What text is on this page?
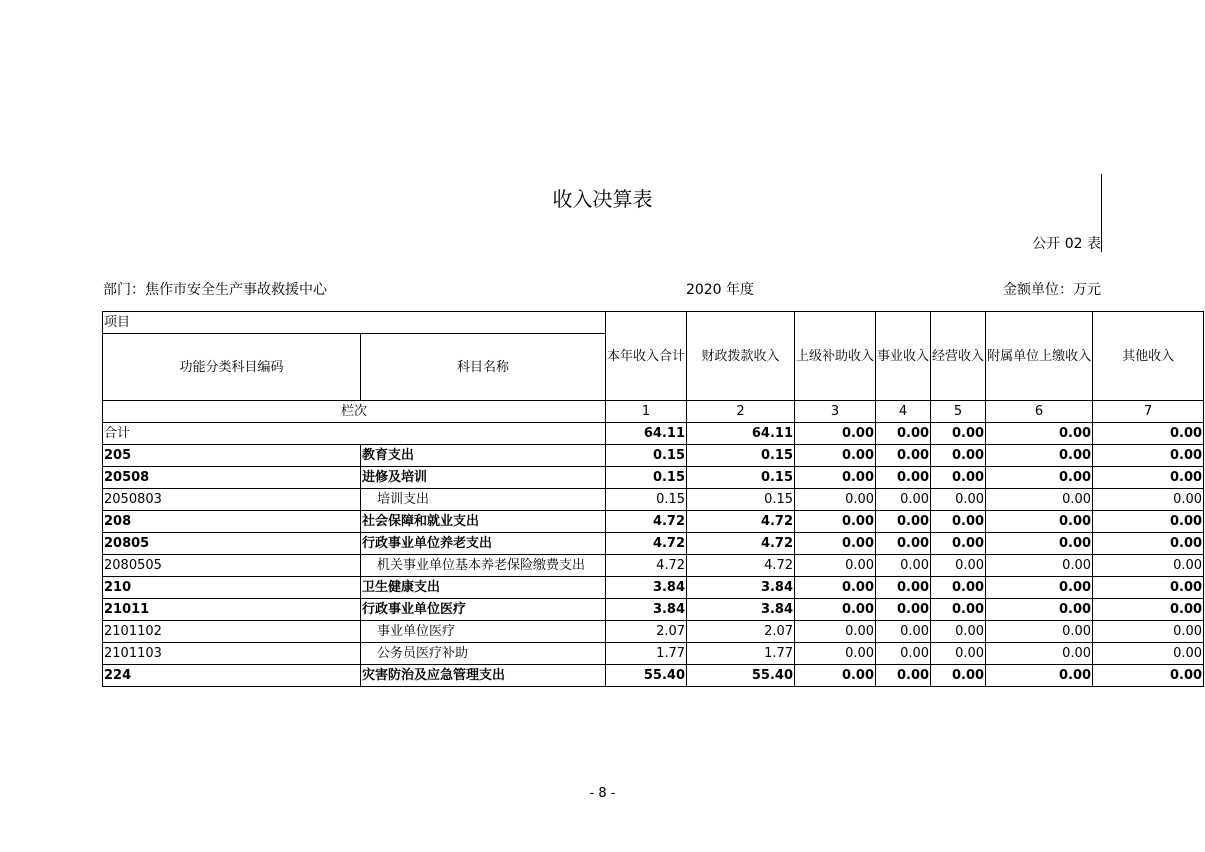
收入决算表
公开 02 表
部门：焦作市安全生产事故救援中心	2020 年度	金额单位：万元
项目		本年收入合计	财政拨款收入	上级补助收入	事业收入	经营收入	附属单位上缴收入	其他收入
功能分类科目编码	科目名称							
栏次		1	2	3	4	5	6	7
合计		64.11	64.11	0.00	0.00	0.00	0.00	0.00
205	教育支出	0.15	0.15	0.00	0.00	0.00	0.00	0.00
20508	进修及培训	0.15	0.15	0.00	0.00	0.00	0.00	0.00
2050803	培训支出	0.15	0.15	0.00	0.00	0.00	0.00	0.00
208	社会保障和就业支出	4.72	4.72	0.00	0.00	0.00	0.00	0.00
20805	行政事业单位养老支出	4.72	4.72	0.00	0.00	0.00	0.00	0.00
2080505	机关事业单位基本养老保险缴费支出	4.72	4.72	0.00	0.00	0.00	0.00	0.00
210	卫生健康支出	3.84	3.84	0.00	0.00	0.00	0.00	0.00
21011	行政事业单位医疗	3.84	3.84	0.00	0.00	0.00	0.00	0.00
2101102	事业单位医疗	2.07	2.07	0.00	0.00	0.00	0.00	0.00
2101103	公务员医疗补助	1.77	1.77	0.00	0.00	0.00	0.00	0.00
224	灾害防治及应急管理支出	55.40	55.40	0.00	0.00	0.00	0.00	0.00
- 8 -
